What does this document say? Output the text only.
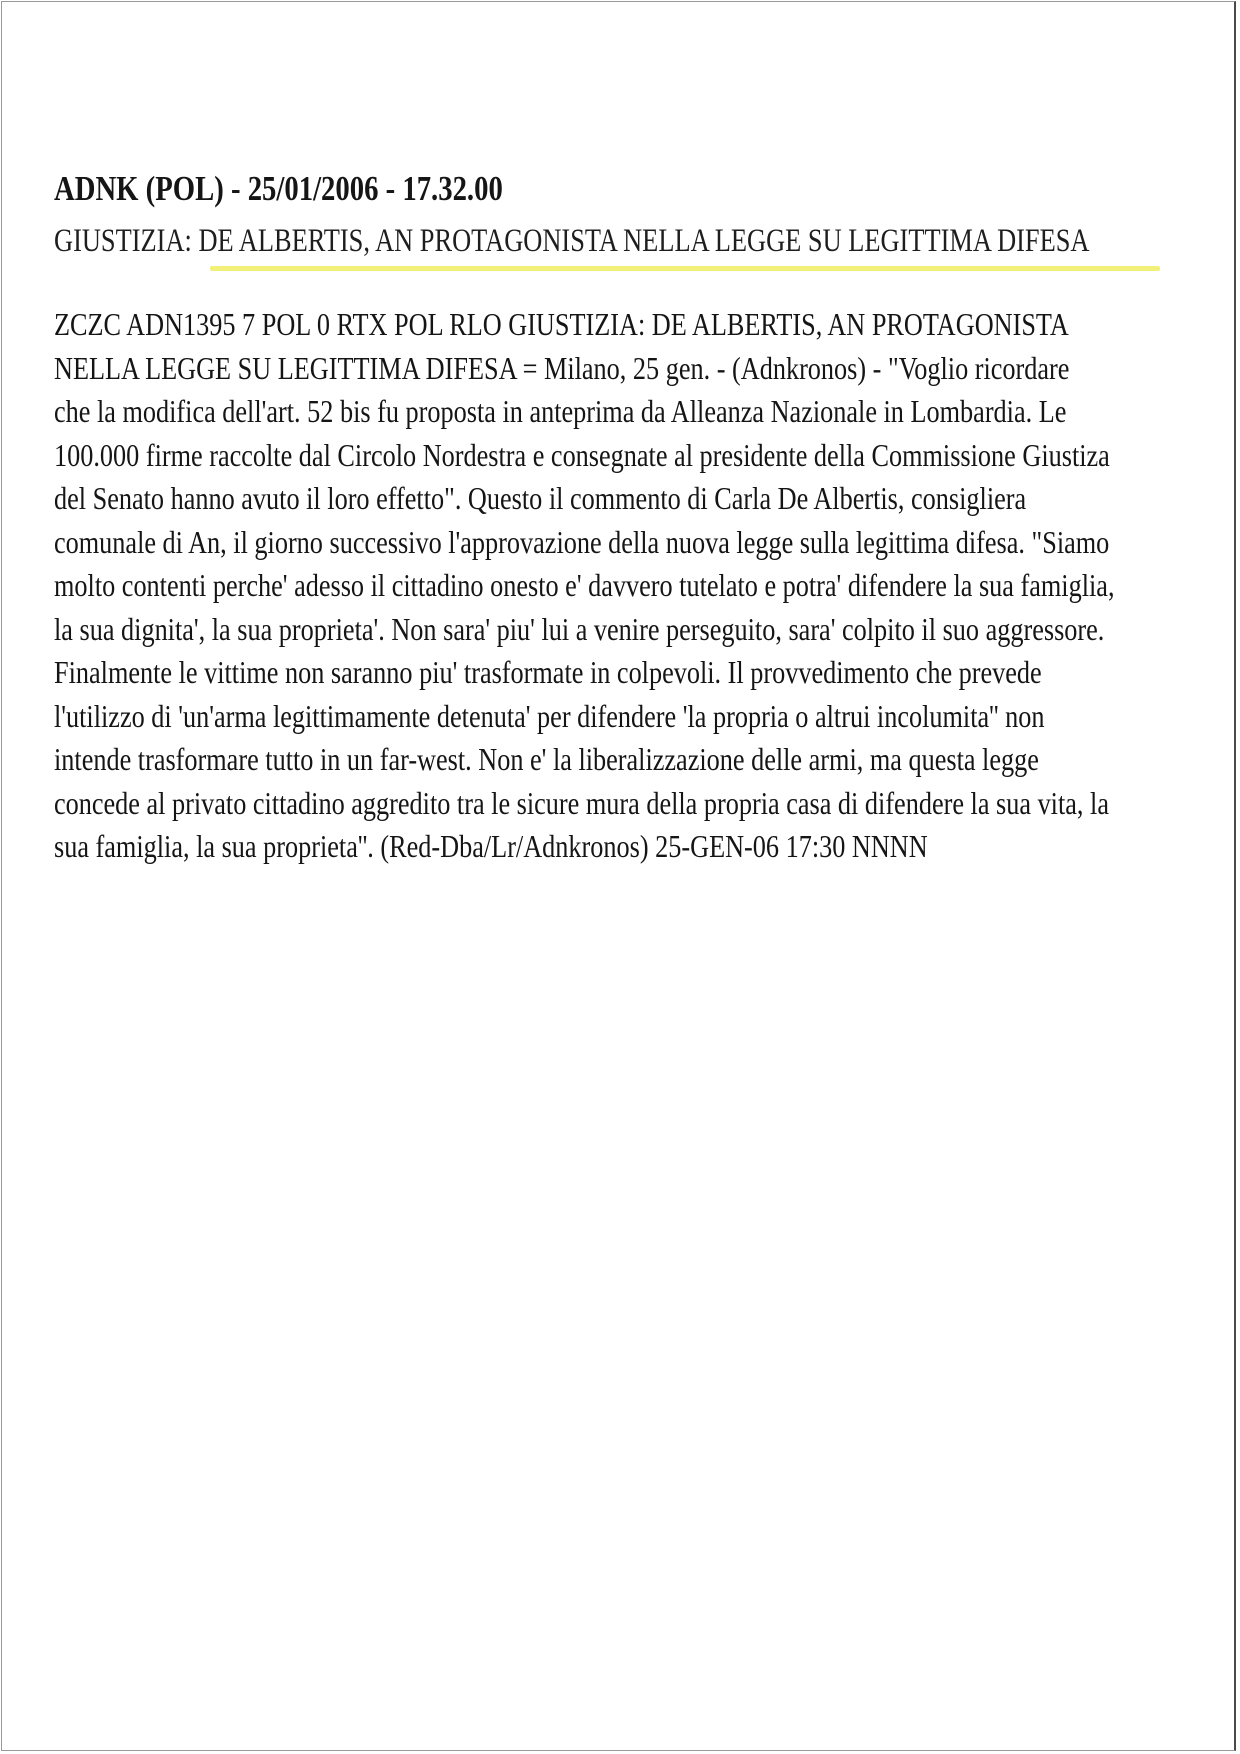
ADNK (POL) - 25/01/2006 - 17.32.00
GIUSTIZIA: DE ALBERTIS, AN PROTAGONISTA NELLA LEGGE SU LEGITTIMA DIFESA
ZCZC ADN1395 7 POL 0 RTX POL RLO GIUSTIZIA: DE ALBERTIS, AN PROTAGONISTA
NELLA LEGGE SU LEGITTIMA DIFESA = Milano, 25 gen. - (Adnkronos) - "Voglio ricordare
che la modifica dell'art. 52 bis fu proposta in anteprima da Alleanza Nazionale in Lombardia. Le
100.000 firme raccolte dal Circolo Nordestra e consegnate al presidente della Commissione Giustiza
del Senato hanno avuto il loro effetto". Questo il commento di Carla De Albertis, consigliera
comunale di An, il giorno successivo l'approvazione della nuova legge sulla legittima difesa. "Siamo
molto contenti perche' adesso il cittadino onesto e' davvero tutelato e potra' difendere la sua famiglia,
la sua dignita', la sua proprieta'. Non sara' piu' lui a venire perseguito, sara' colpito il suo aggressore.
Finalmente le vittime non saranno piu' trasformate in colpevoli. Il provvedimento che prevede
l'utilizzo di 'un'arma legittimamente detenuta' per difendere 'la propria o altrui incolumita'' non
intende trasformare tutto in un far-west. Non e' la liberalizzazione delle armi, ma questa legge
concede al privato cittadino aggredito tra le sicure mura della propria casa di difendere la sua vita, la
sua famiglia, la sua proprieta''. (Red-Dba/Lr/Adnkronos) 25-GEN-06 17:30 NNNN
